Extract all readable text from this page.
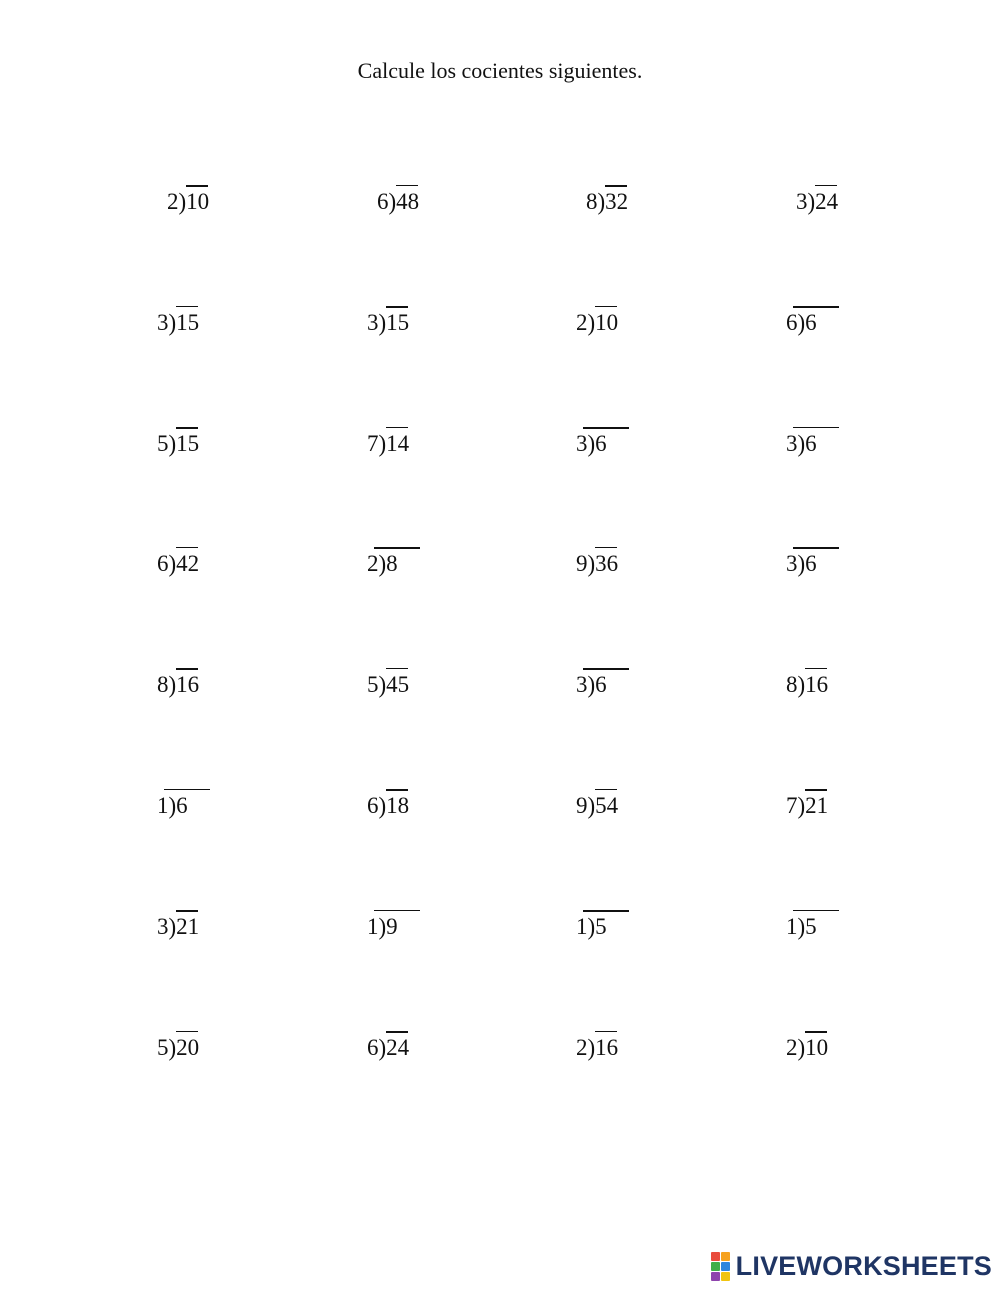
Calcule los cocientes siguientes.
2)10	6)48	8)32	3)24
3)15	3)15	2)10	6)6
5)15	7)14	3)6	3)6
6)42	2)8	9)36	3)6
8)16	5)45	3)6	8)16
1)6	6)18	9)54	7)21
3)21	1)9	1)5	1)5
5)20	6)24	2)16	2)10
LIVEWORKSHEETS
